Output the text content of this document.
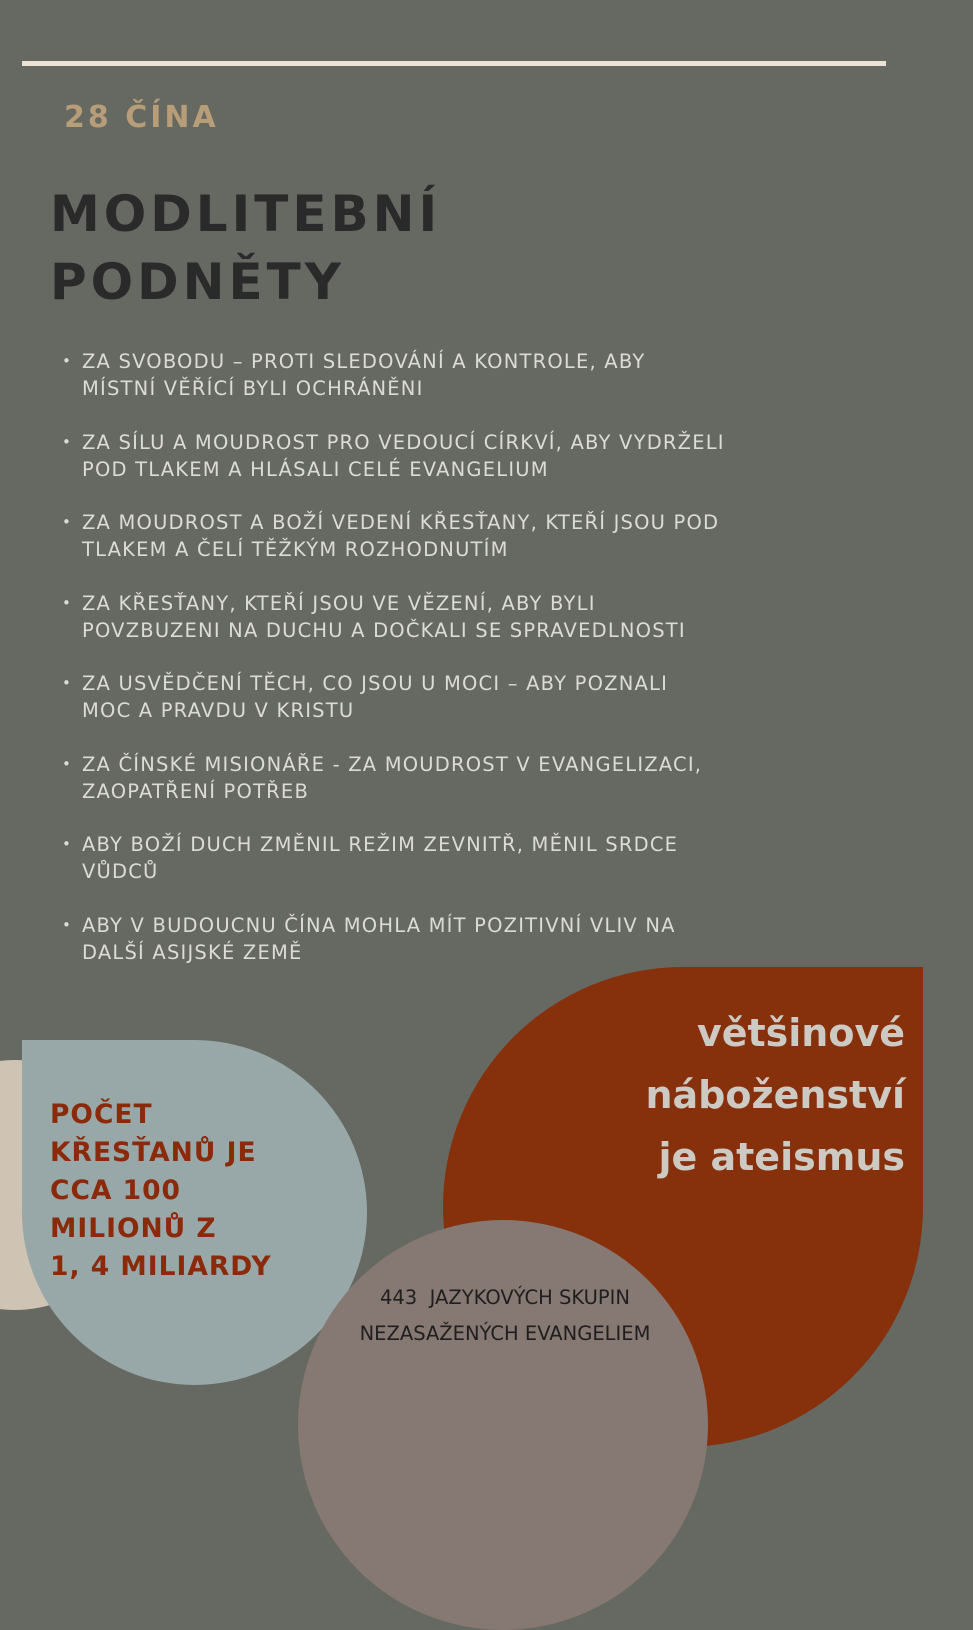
28 ČÍNA
MODLITEBNÍ
PODNĚTY
• ZA SVOBODU – PROTI SLEDOVÁNÍ A KONTROLE, ABY
MÍSTNÍ VĚŘÍCÍ BYLI OCHRÁNĚNI
• ZA SÍLU A MOUDROST PRO VEDOUCÍ CÍRKVÍ, ABY VYDRŽELI
POD TLAKEM A HLÁSALI CELÉ EVANGELIUM
• ZA MOUDROST A BOŽÍ VEDENÍ KŘESŤANY, KTEŘÍ JSOU POD
TLAKEM A ČELÍ TĚŽKÝM ROZHODNUTÍM
• ZA KŘESŤANY, KTEŘÍ JSOU VE VĚZENÍ, ABY BYLI
POVZBUZENI NA DUCHU A DOČKALI SE SPRAVEDLNOSTI
• ZA USVĚDČENÍ TĚCH, CO JSOU U MOCI – ABY POZNALI
MOC A PRAVDU V KRISTU
• ZA ČÍNSKÉ MISIONÁŘE - ZA MOUDROST V EVANGELIZACI,
ZAOPATŘENÍ POTŘEB
• ABY BOŽÍ DUCH ZMĚNIL REŽIM ZEVNITŘ, MĚNIL SRDCE
VŮDCŮ
• ABY V BUDOUCNU ČÍNA MOHLA MÍT POZITIVNÍ VLIV NA
DALŠÍ ASIJSKÉ ZEMĚ

POČET
KŘESŤANŮ JE
CCA 100
MILIONŮ Z
1, 4 MILIARDY

většinové
náboženství
je ateismus

443  JAZYKOVÝCH SKUPIN
NEZASAŽENÝCH EVANGELIEM
